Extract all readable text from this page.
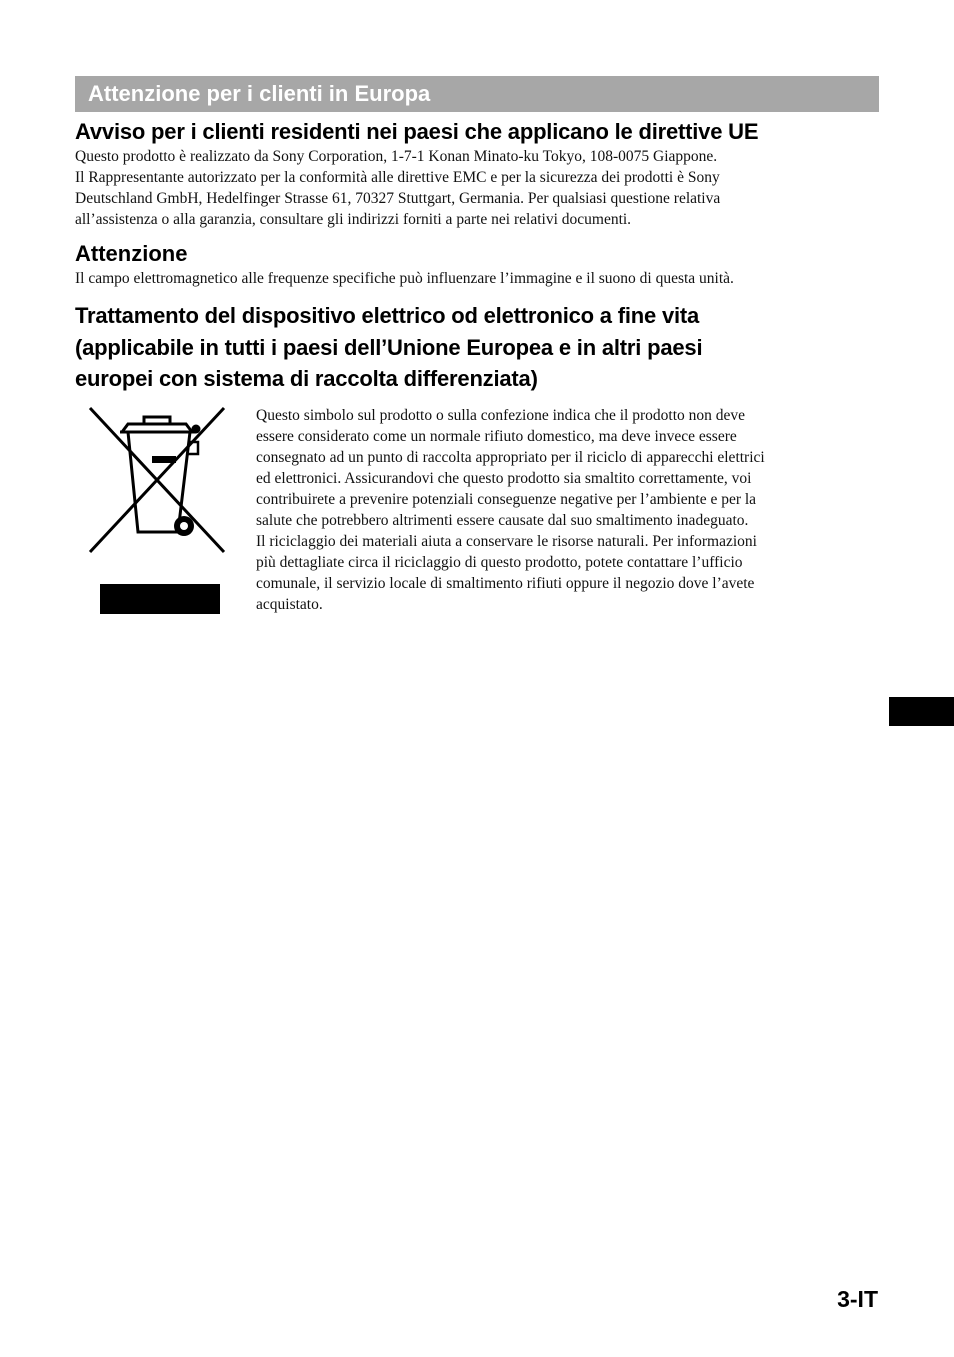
Attenzione per i clienti in Europa
Avviso per i clienti residenti nei paesi che applicano le direttive UE

Questo prodotto è realizzato da Sony Corporation, 1-7-1 Konan Minato-ku Tokyo, 108-0075 Giappone.
Il Rappresentante autorizzato per la conformità alle direttive EMC e per la sicurezza dei prodotti è Sony
Deutschland GmbH, Hedelfinger Strasse 61, 70327 Stuttgart, Germania. Per qualsiasi questione relativa
all’assistenza o alla garanzia, consultare gli indirizzi forniti a parte nei relativi documenti.

Attenzione

Il campo elettromagnetico alle frequenze specifiche può influenzare l’immagine e il suono di questa unità.

Trattamento del dispositivo elettrico od elettronico a fine vita
(applicabile in tutti i paesi dell’Unione Europea e in altri paesi
europei con sistema di raccolta differenziata)

Questo simbolo sul prodotto o sulla confezione indica che il prodotto non deve
essere considerato come un normale rifiuto domestico, ma deve invece essere
consegnato ad un punto di raccolta appropriato per il riciclo di apparecchi elettrici
ed elettronici. Assicurandovi che questo prodotto sia smaltito correttamente, voi
contribuirete a prevenire potenziali conseguenze negative per l’ambiente e per la
salute che potrebbero altrimenti essere causate dal suo smaltimento inadeguato.
Il riciclaggio dei materiali aiuta a conservare le risorse naturali. Per informazioni
più dettagliate circa il riciclaggio di questo prodotto, potete contattare l’ufficio
comunale, il servizio locale di smaltimento rifiuti oppure il negozio dove l’avete
acquistato.

3-IT
